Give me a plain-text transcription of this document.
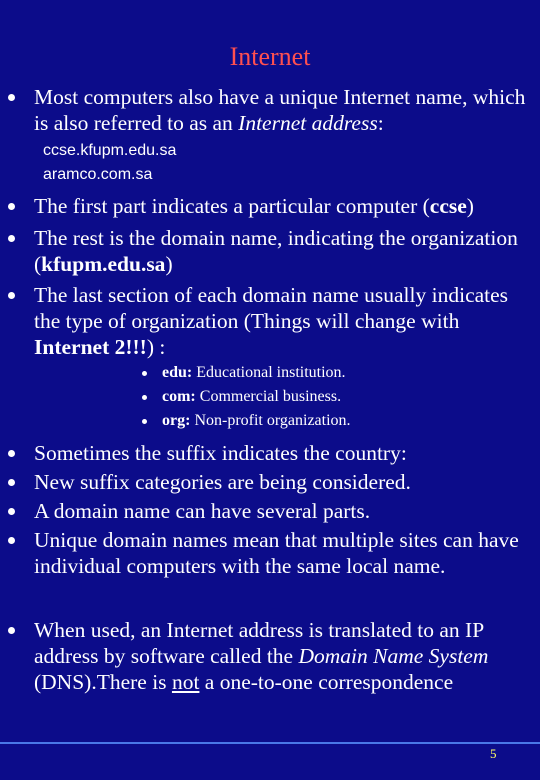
Internet
Most computers also have a unique Internet name, which is also referred to as an Internet address:
ccse.kfupm.edu.sa
aramco.com.sa
The first part indicates a particular computer (ccse)
The rest is the domain name, indicating the organization (kfupm.edu.sa)
The last section of each domain name usually indicates the type of organization (Things will change with Internet 2!!!) :
edu: Educational institution.
com: Commercial business.
org: Non-profit organization.
Sometimes the suffix indicates the country:
New suffix categories are being considered.
A domain name can have several parts.
Unique domain names mean that multiple sites can have individual computers with the same local name.
When used, an Internet address is translated to an IP address by software called the Domain Name System (DNS).There is not a one-to-one correspondence
5
